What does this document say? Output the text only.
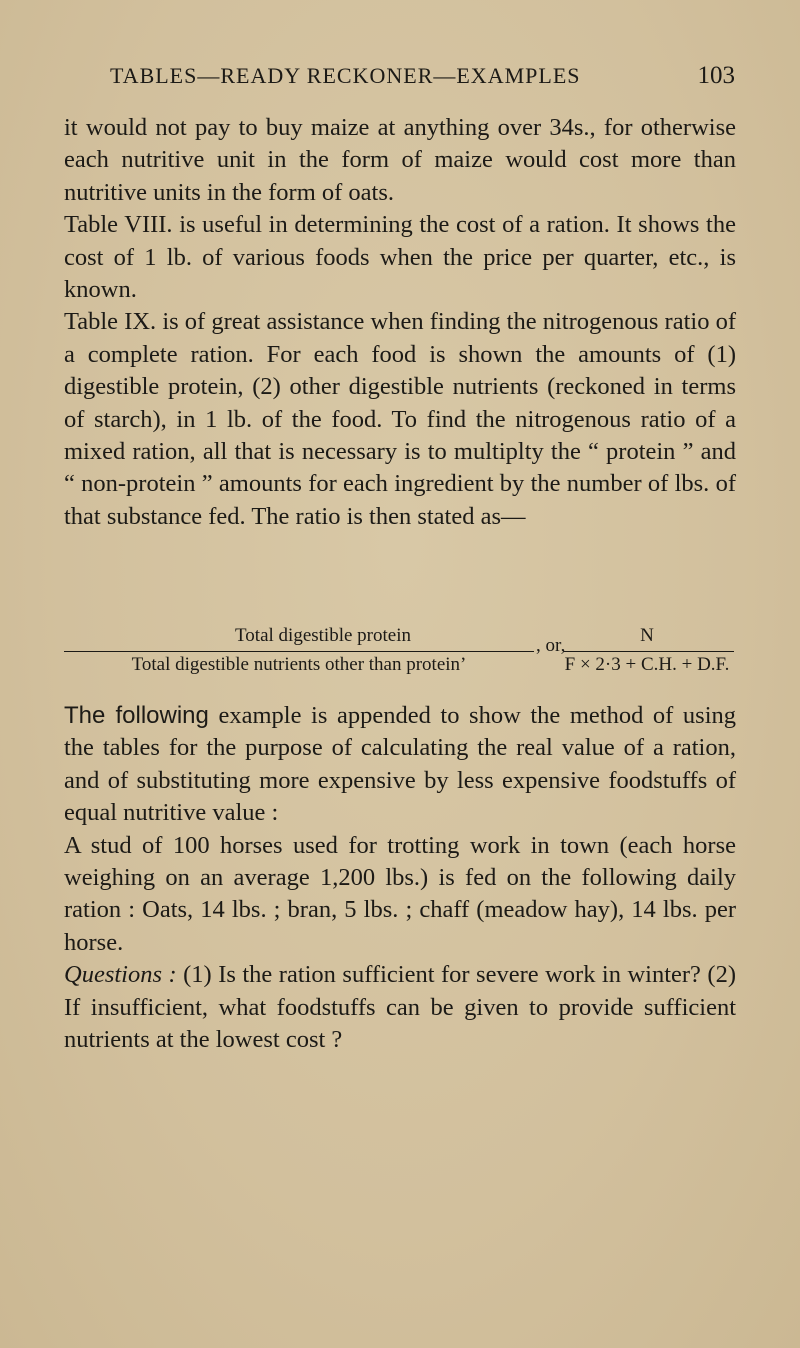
TABLES—READY RECKONER—EXAMPLES	103

it would not pay to buy maize at anything over 34s., for otherwise each nutritive unit in the form of maize would cost more than nutritive units in the form of oats.

Table VIII. is useful in determining the cost of a ration. It shows the cost of 1 lb. of various foods when the price per quarter, etc., is known.

Table IX. is of great assistance when finding the nitrogenous ratio of a complete ration. For each food is shown the amounts of (1) digestible protein, (2) other digestible nutrients (reckoned in terms of starch), in 1 lb. of the food. To find the nitrogenous ratio of a mixed ration, all that is necessary is to multiplty the “ protein ” and “ non-protein ” amounts for each ingredient by the number of lbs. of that substance fed. The ratio is then stated as—

Total digestible protein
Total digestible nutrients other than protein’
, or,	N
F × 2·3 + C.H. + D.F.

The following example is appended to show the method of using the tables for the purpose of calculating the real value of a ration, and of substituting more expensive by less expensive foodstuffs of equal nutritive value :

A stud of 100 horses used for trotting work in town (each horse weighing on an average 1,200 lbs.) is fed on the following daily ration : Oats, 14 lbs. ; bran, 5 lbs. ; chaff (meadow hay), 14 lbs. per horse.

Questions : (1) Is the ration sufficient for severe work in winter? (2) If insufficient, what foodstuffs can be given to provide sufficient nutrients at the lowest cost ?
